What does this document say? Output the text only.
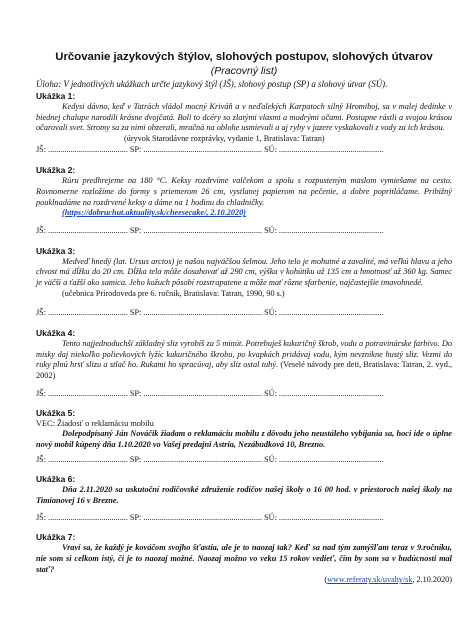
Určovanie jazykových štýlov, slohových postupov, slohových útvarov

(Pracovný list)

Úloha: V jednotlivých ukážkach určte jazykový štýl (JŠ), slohový postup (SP) a slohový útvar (SÚ).

Ukážka 1:

Kedysi dávno, keď v Tatrách vládol mocný Kriváň a v neďalekých Karpatoch silný Hromiboj, sa v malej dedinke v biednej chalupe narodili krásne dvojčatá. Boli to dcéry so zlatými vlasmi a modrými očami. Postupne rástli a svojou krásou očarovali svet. Stromy sa za nimi obzerali, mračná na oblohe usmievali a aj ryby v jazere vyskakovali z vody za ich krásou.

(úryvok Starodávne rozprávky, vydanie 1, Bratislava: Tatran)

JŠ: ....................................... SP: .......................................................... SÚ: ...................................................

Ukážka 2:

Rúru predhrejeme na 180 °C. Keksy rozdrvíme valčekom a spolu s rozpusteným maslom vymiešame na cesto. Rovnomerne rozložíme do formy s priemerom 26 cm, vystlanej papierom na pečenie, a dobre popritláčame. Pribižný pouklnadáme na rozdrvené keksy a dáme na 1 hodinu do chladničky.

(https://dobruchut.aktuality.sk/cheesecake/, 2.10.2020)

JŠ: ....................................... SP: .......................................................... SÚ: ...................................................

Ukážka 3:

Medveď hnedý (lat. Ursus arctos) je našou najväčšou šelmou. Jeho telo je mohutné a zavalité, má veľkú hlavu a jeho chvost má dĺžku do 20 cm. Dĺžka tela môže dosahovať až 290 cm, výška v kohútiku až 135 cm a hmotnosť až 360 kg. Samec je väčší a ťažší ako samica. Jeho kožuch pôsobí rozstrapatene a môže mať rôzne sfarbenie, najčastejšie tmavohnedé.

(učebnica Prírodoveda pre 6. ročník, Bratislava: Tatran, 1990, 90 s.)

JŠ: ....................................... SP: .......................................................... SÚ: ...................................................

Ukážka 4:

Tento najjednoduchší základný sliz vyrobíš za 5 minút. Potrebuješ kukuričný škrob, vodu a potravinárske farbivo. Do misky daj niekoľko polievkových lyžíc kukuričného škrobu, po kvapkách pridávaj vodu, kým nevznikne hustý sliz. Vezmi do ruky plnú hrsť slizu a stlač ho. Rukami ho spracúvaj, aby sliz ostal tuhý. (Veselé návody pre deti, Bratislava: Tatran, 2. vyd., 2002)

JŠ: ....................................... SP: .......................................................... SÚ: ...................................................

Ukážka 5:

VEC: Žiadosť o reklamáciu mobilu

Dolepodpísaný Ján Nováčik žiadam o reklamáciu mobilu z dôvodu jeho neustáleho vybíjania sa, hoci ide o úplne nový mobil kúpený dňa 1.10.2020 vo Vašej predajni Astria, Nezábudková 10, Brezno.

JŠ: ....................................... SP: .......................................................... SÚ: ...................................................

Ukážka 6:

Dňa 2.11.2020 sa uskutoční rodičovské združenie rodičov našej školy o 16 00 hod. v priestoroch našej školy na Timianovej 16 v Brezne.

JŠ: ....................................... SP: .......................................................... SÚ: ...................................................

Ukážka 7:

Vraví sa, že každý je kováčom svojho šťastia, ale je to naozaj tak? Keď sa nad tým zamýšľam teraz v 9.ročníku, nie som si celkom istý, či je to naozaj možné. Naozaj možno vo veku 15 rokov vedieť, čím by som sa v budúcnosti mal stať?

(www.referaty.sk/uvahy/sk, 2.10.2020)
